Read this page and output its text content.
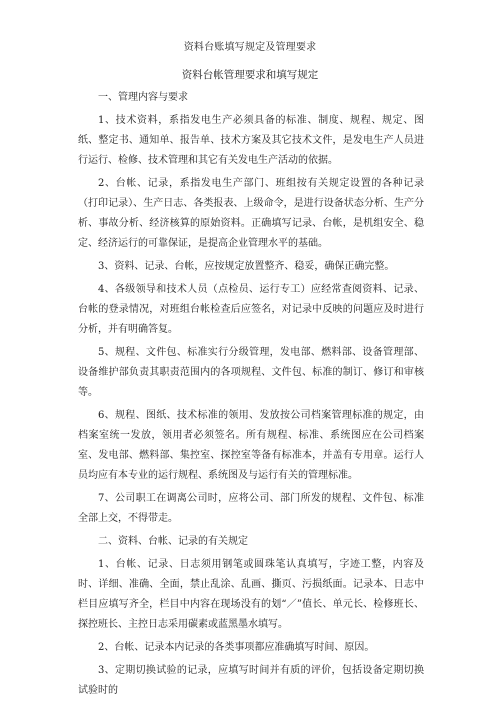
资料台账填写规定及管理要求
资料台帐管理要求和填写规定
一、管理内容与要求

1、技术资料，系指发电生产必须具备的标准、制度、规程、规定、图纸、整定书、通知单、报告单、技术方案及其它技术文件，是发电生产人员进行运行、检修、技术管理和其它有关发电生产活动的依据。

2、台帐、记录，系指发电生产部门、班组按有关规定设置的各种记录（打印记录）、生产日志、各类报表、上级命令，是进行设备状态分析、生产分析、事故分析、经济核算的原始资料。正确填写记录、台帐，是机组安全、稳定、经济运行的可靠保证，是提高企业管理水平的基础。

3、资料、记录、台帐，应按规定放置整齐、稳妥，确保正确完整。

4、各级领导和技术人员（点检员、运行专工）应经常查阅资料、记录、台帐的登录情况，对班组台帐检查后应签名，对记录中反映的问题应及时进行分析，并有明确答复。

5、规程、文件包、标准实行分级管理，发电部、燃料部、设备管理部、设备维护部负责其职责范围内的各项规程、文件包、标准的制订、修订和审核等。

6、规程、图纸、技术标准的领用、发放按公司档案管理标准的规定，由档案室统一发放，领用者必须签名。所有规程、标准、系统图应在公司档案室、发电部、燃料部、集控室、探控室等备有标准本，并盖有专用章。运行人员均应有本专业的运行规程、系统图及与运行有关的管理标准。

7、公司职工在调离公司时，应将公司、部门所发的规程、文件包、标准全部上交，不得带走。

二、资料、台帐、记录的有关规定

1、台帐、记录、日志须用钢笔或圆珠笔认真填写，字迹工整，内容及时、详细、准确、全面，禁止乱涂、乱画、撕页、污损纸面。记录本、日志中栏目应填写齐全，栏目中内容在现场没有的划“／”值长、单元长、检修班长、探控班长、主控日志采用碳素或蓝黑墨水填写。

2、台帐、记录本内记录的各类事项都应准确填写时间、原因。

3、定期切换试验的记录，应填写时间并有质的评价，包括设备定期切换试验时的
